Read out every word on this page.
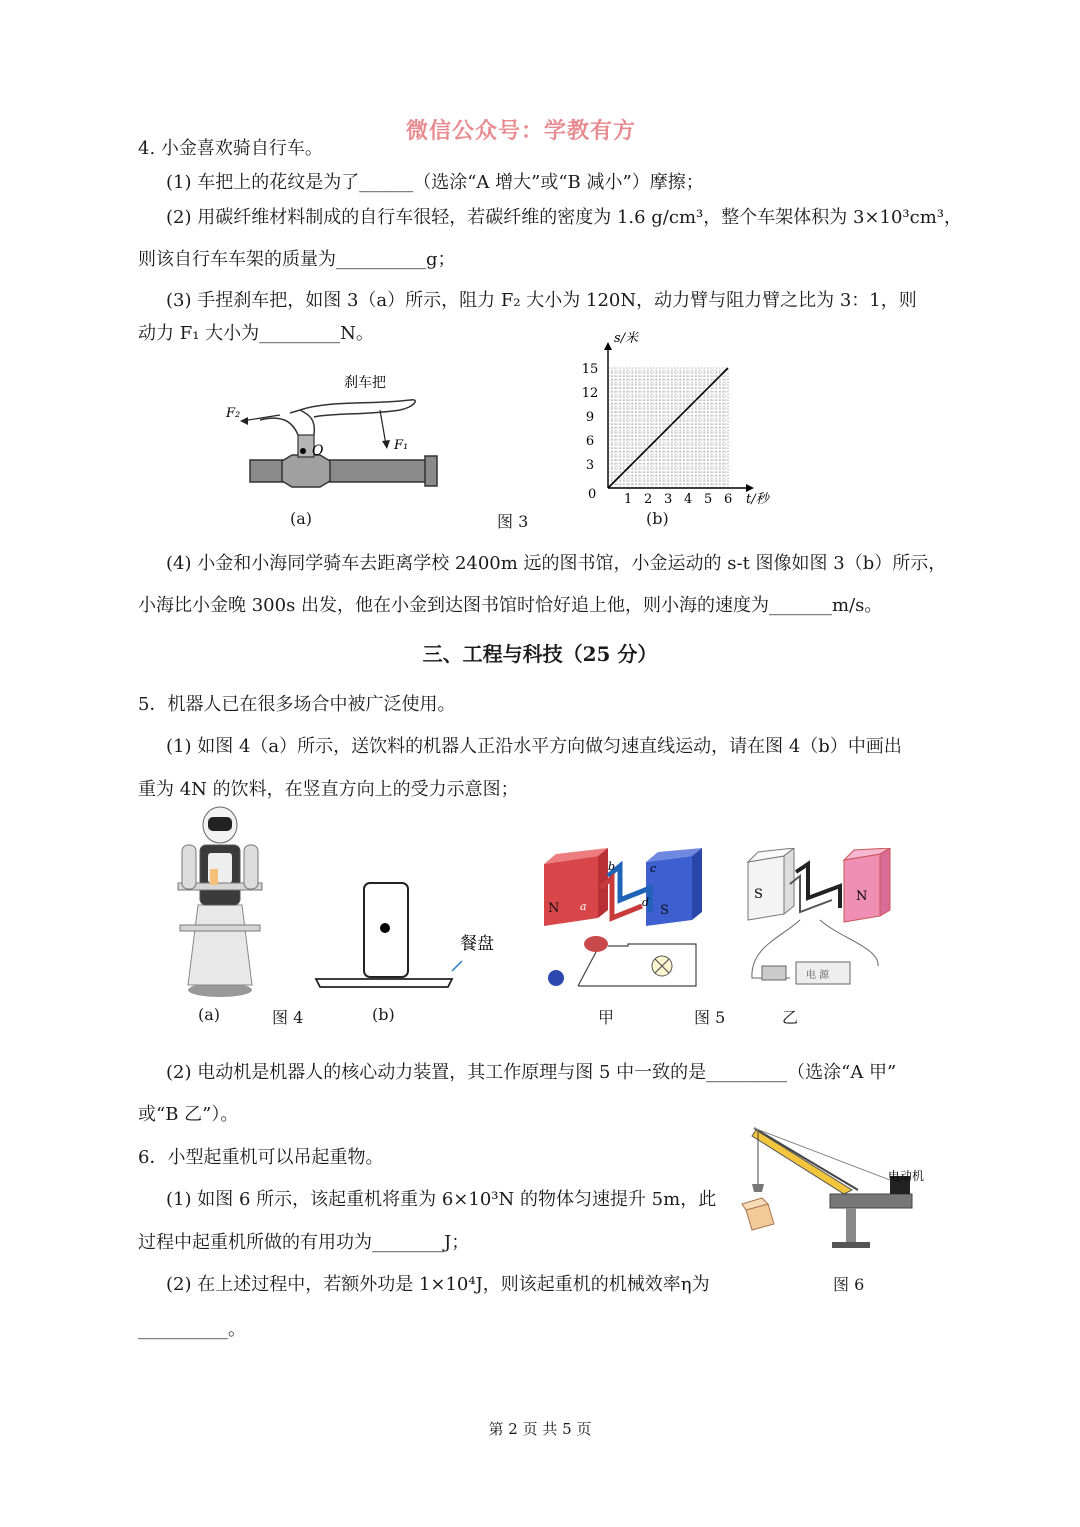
微信公众号：学教有方
4. 小金喜欢骑自行车。
(1) 车把上的花纹是为了______（选涂“A 增大”或“B 减小”）摩擦；
(2) 用碳纤维材料制成的自行车很轻，若碳纤维的密度为 1.6 g/cm³，整个车架体积为 3×10³cm³，
则该自行车车架的质量为__________g；
(3) 手捏刹车把，如图 3（a）所示，阻力 F₂ 大小为 120N，动力臂与阻力臂之比为 3：1，则
动力 F₁ 大小为_________N。
刹车把
F₂
F₁
O
(a)	图 3	(b)
1 2 3 4 5 6
3
6
9
12
15
0	t/秒
s/米
(4) 小金和小海同学骑车去距离学校 2400m 远的图书馆，小金运动的 s-t 图像如图 3（b）所示，
小海比小金晚 300s 出发，他在小金到达图书馆时恰好追上他，则小海的速度为_______m/s。
三、工程与科技（25 分）
5．机器人已在很多场合中被广泛使用。
(1) 如图 4（a）所示，送饮料的机器人正沿水平方向做匀速直线运动，请在图 4（b）中画出
重为 4N 的饮料，在竖直方向上的受力示意图；
餐盘
(a)	图 4	(b)
N	S
a
b	c
d
电 源
S	N
甲	图 5	乙
(2) 电动机是机器人的核心动力装置，其工作原理与图 5 中一致的是_________（选涂“A 甲”
或“B 乙”）。
6．小型起重机可以吊起重物。
(1) 如图 6 所示，该起重机将重为 6×10³N 的物体匀速提升 5m，此
过程中起重机所做的有用功为________J；
(2) 在上述过程中，若额外功是 1×10⁴J，则该起重机的机械效率η为
__________。
电动机
图 6
第 2 页 共 5 页
